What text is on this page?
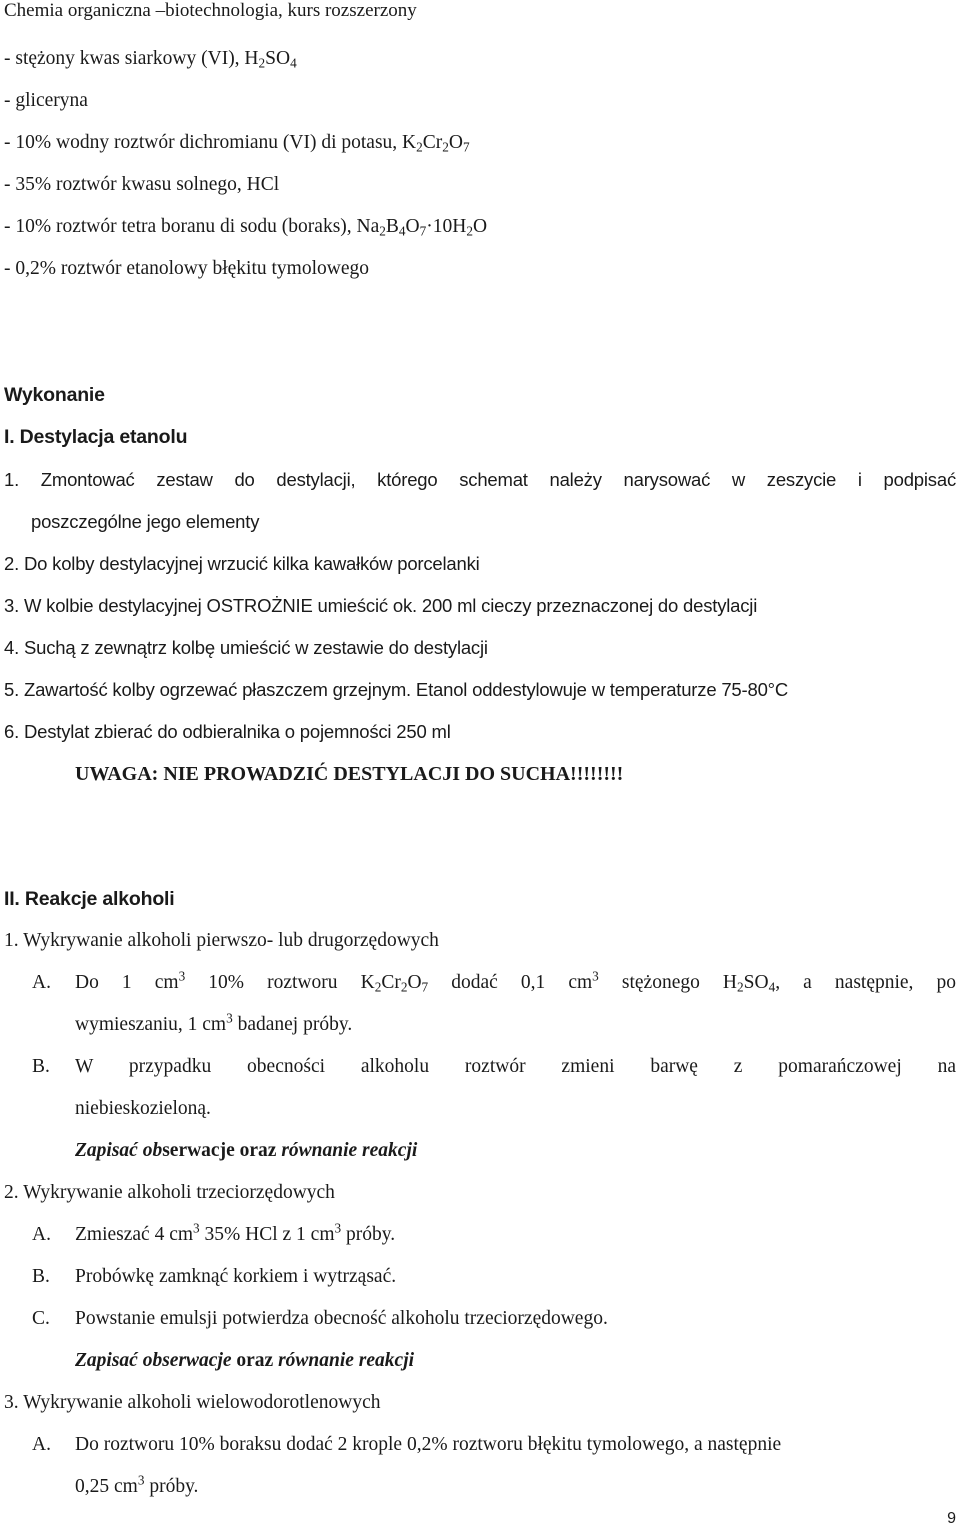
Chemia organiczna –biotechnologia, kurs rozszerzony
- stężony kwas siarkowy (VI), $H_2SO_4$
- gliceryna
- 10% wodny roztwór dichromianu (VI) di potasu, $K_2Cr_2O_7$
- 35% roztwór kwasu solnego, HCl
- 10% roztwór tetra boranu di sodu (boraks), $Na_2B_4O_7\cdot 10H_2O$
- 0,2% roztwór etanolowy błękitu tymolowego
Wykonanie
I. Destylacja etanolu
1. Zmontować zestaw do destylacji, którego schemat należy narysować w zeszycie i podpisać
poszczególne jego elementy
2. Do kolby destylacyjnej wrzucić kilka kawałków porcelanki
3. W kolbie destylacyjnej OSTROŻNIE umieścić ok. 200 ml cieczy przeznaczonej do destylacji
4. Suchą z zewnątrz kolbę umieścić w zestawie do destylacji
5. Zawartość kolby ogrzewać płaszczem grzejnym. Etanol oddestylowuje w temperaturze 75-80°C
6. Destylat zbierać do odbieralnika o pojemności 250 ml
UWAGA: NIE PROWADZIĆ DESTYLACJI DO SUCHA!!!!!!!!
II. Reakcje alkoholi
1. Wykrywanie alkoholi pierwszo- lub drugorzędowych
A. Do 1 $cm^3$ 10% roztworu $K_2Cr_2O_7$ dodać 0,1 $cm^3$ stężonego $H_2SO_4$, a następnie, po
wymieszaniu, 1 $cm^3$ badanej próby.
B. W przypadku obecności alkoholu roztwór zmieni barwę z pomarańczowej na
niebieskozieloną.
Zapisać obserwacje oraz równanie reakcji
2. Wykrywanie alkoholi trzeciorzędowych
A. Zmieszać 4 $cm^3$ 35% HCl z 1 $cm^3$ próby.
B. Probówkę zamknąć korkiem i wytrząsać.
C. Powstanie emulsji potwierdza obecność alkoholu trzeciorzędowego.
Zapisać obserwacje oraz równanie reakcji
3. Wykrywanie alkoholi wielowodorotlenowych
A. Do roztworu 10% boraksu dodać 2 krople 0,2% roztworu błękitu tymolowego, a następnie
0,25 $cm^3$ próby.
9
